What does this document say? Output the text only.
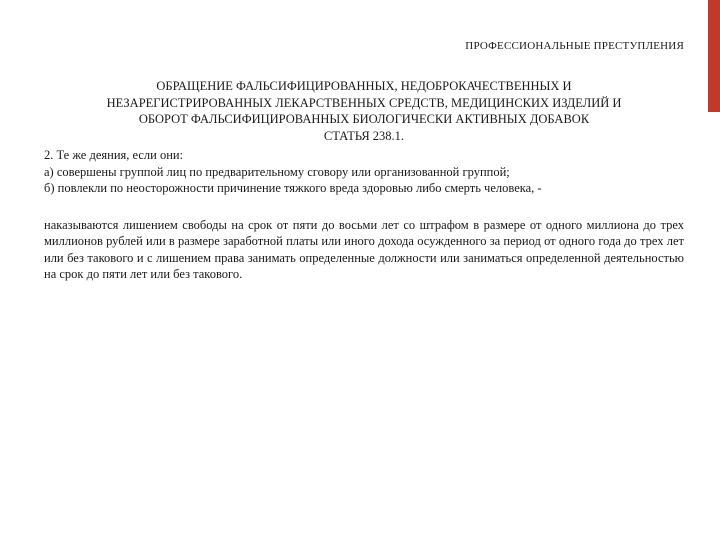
ПРОФЕССИОНАЛЬНЫЕ ПРЕСТУПЛЕНИЯ
ОБРАЩЕНИЕ ФАЛЬСИФИЦИРОВАННЫХ, НЕДОБРОКАЧЕСТВЕННЫХ И
НЕЗАРЕГИСТРИРОВАННЫХ ЛЕКАРСТВЕННЫХ СРЕДСТВ, МЕДИЦИНСКИХ ИЗДЕЛИЙ И
ОБОРОТ ФАЛЬСИФИЦИРОВАННЫХ БИОЛОГИЧЕСКИ АКТИВНЫХ ДОБАВОК
СТАТЬЯ 238.1.

2. Те же деяния, если они:

а) совершены группой лиц по предварительному сговору или организованной группой;

б) повлекли по неосторожности причинение тяжкого вреда здоровью либо смерть человека, -

наказываются лишением свободы на срок от пяти до восьми лет со штрафом в размере от одного миллиона до трех миллионов рублей или в размере заработной платы или иного дохода осужденного за период от одного года до трех лет или без такового и с лишением права занимать определенные должности или заниматься определенной деятельностью на срок до пяти лет или без такового.
